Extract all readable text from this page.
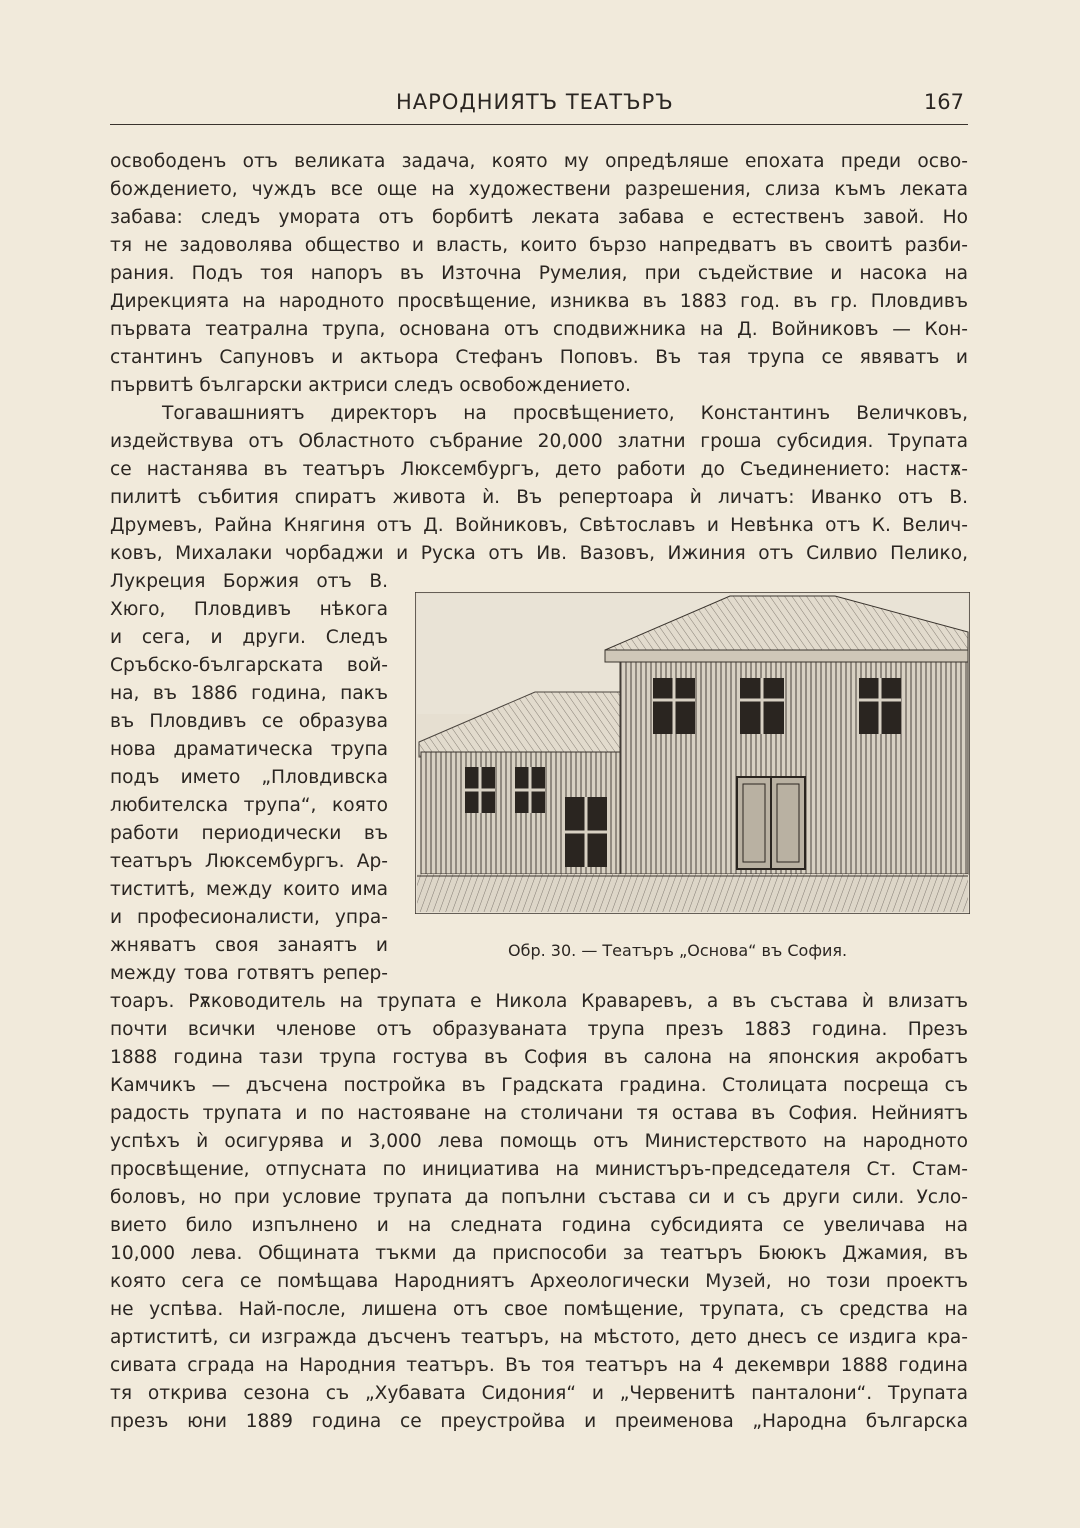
НАРОДНИЯТЪ ТЕАТЪРЪ	167
освободенъ отъ великата задача, която му опредѣляше епохата преди осво-
бождението, чуждъ все още на художествени разрешения, слиза къмъ леката
забава: следъ умората отъ борбитѣ леката забава е естественъ завой. Но
тя не задоволява общество и власть, които бързо напредватъ въ своитѣ разби-
рания. Подъ тоя напоръ въ Източна Румелия, при съдействие и насока на
Дирекцията на народното просвѣщение, изниква въ 1883 год. въ гр. Пловдивъ
първата театрална трупа, основана отъ сподвижника на Д. Войниковъ — Кон-
стантинъ Сапуновъ и актьора Стефанъ Поповъ. Въ тая трупа се явяватъ и
първитѣ български актриси следъ освобождението.
Тогавашниятъ директоръ на просвѣщението, Константинъ Величковъ,
издействува отъ Областното събрание 20,000 златни гроша субсидия. Трупата
се настанява въ театъръ Люксембургъ, дето работи до Съединението: настѫ-
пилитѣ събития спиратъ живота ѝ. Въ репертоара ѝ личатъ: Иванко отъ В.
Друмевъ, Райна Княгиня отъ Д. Войниковъ, Свѣтославъ и Невѣнка отъ К. Велич-
ковъ, Михалаки чорбаджи и Руска отъ Ив. Вазовъ, Ижиния отъ Силвио Пелико,
Лукреция Боржия отъ В.
Хюго, Пловдивъ нѣкога
и сега, и други. Следъ
Сръбско-българската вой-
на, въ 1886 година, пакъ
въ Пловдивъ се образува
нова драматическа трупа
подъ името „Пловдивска
любителска трупа“, която
работи периодически въ
театъръ Люксембургъ. Ар-
тиститѣ, между които има
и професионалисти, упра-
жняватъ своя занаятъ и
между това готвятъ репер-
Обр. 30. — Театъръ „Основа“ въ София.
тоаръ. Рѫководитель на трупата е Никола Краваревъ, а въ състава ѝ влизатъ
почти всички членове отъ образуваната трупа презъ 1883 година. Презъ
1888 година тази трупа гостува въ София въ салона на японския акробатъ
Камчикъ — дъсчена постройка въ Градската градина. Столицата посреща съ
радость трупата и по настояване на столичани тя остава въ София. Нейниятъ
успѣхъ ѝ осигурява и 3,000 лева помощь отъ Министерството на народното
просвѣщение, отпусната по инициатива на министъръ-председателя Ст. Стам-
боловъ, но при условие трупата да попълни състава си и съ други сили. Усло-
вието било изпълнено и на следната година субсидията се увеличава на
10,000 лева. Общината тъкми да приспособи за театъръ Бююкъ Джамия, въ
която сега се помѣщава Народниятъ Археологически Музей, но този проектъ
не успѣва. Най-после, лишена отъ свое помѣщение, трупата, съ средства на
артиститѣ, си изгражда дъсченъ театъръ, на мѣстото, дето днесъ се издига кра-
сивата сграда на Народния театъръ. Въ тоя театъръ на 4 декември 1888 година
тя открива сезона съ „Хубавата Сидония“ и „Червенитѣ панталони“. Трупата
презъ юни 1889 година се преустройва и преименова „Народна българска
